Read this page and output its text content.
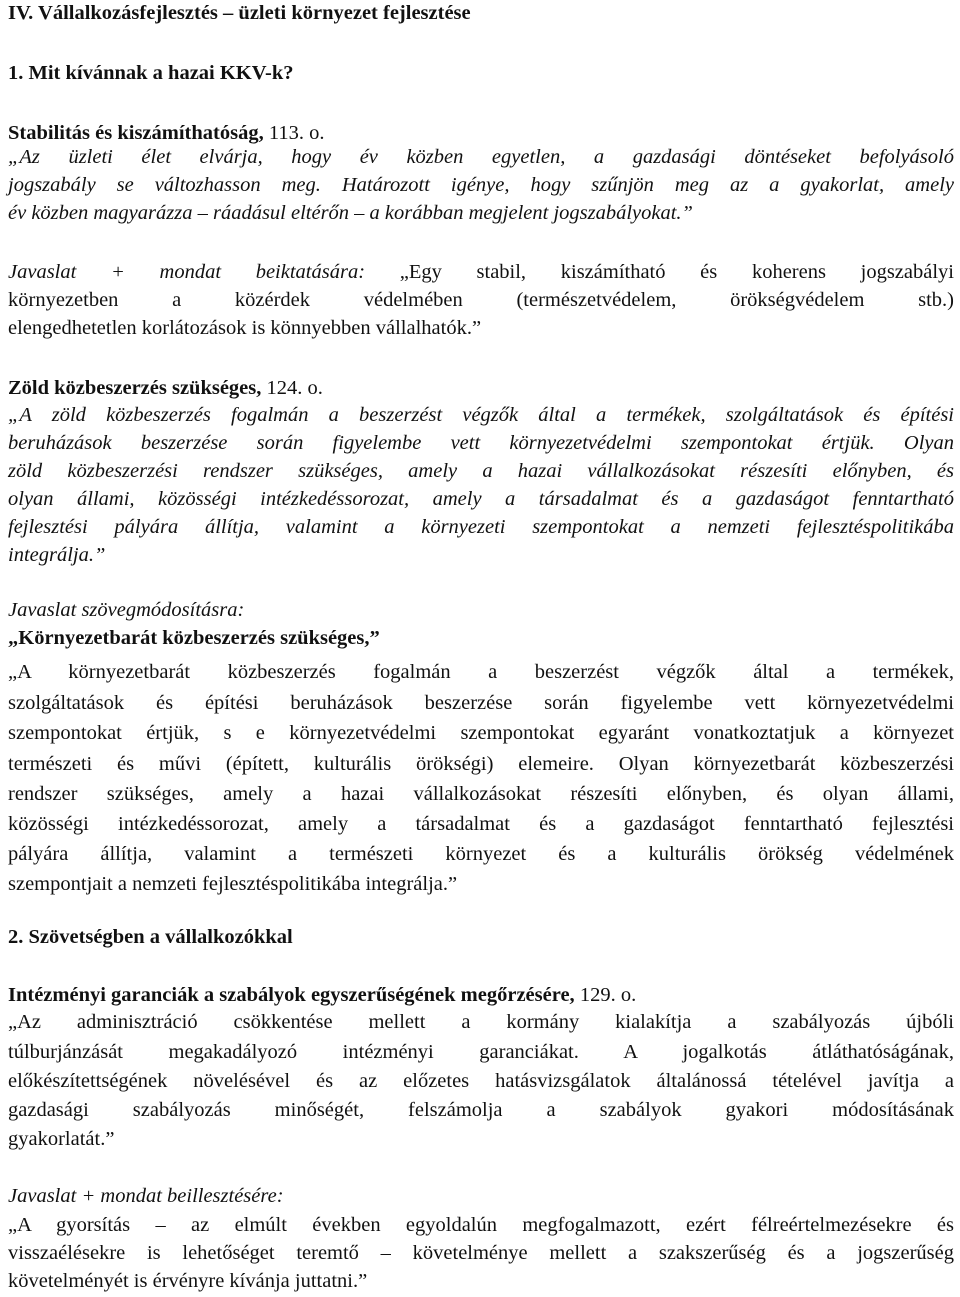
IV. Vállalkozásfejlesztés – üzleti környezet fejlesztése
1. Mit kívánnak a hazai KKV-k?
Stabilitás és kiszámíthatóság, 113. o.
„Az üzleti élet elvárja, hogy év közben egyetlen, a gazdasági döntéseket befolyásoló
jogszabály se változhasson meg. Határozott igénye, hogy szűnjön meg az a gyakorlat, amely
év közben magyarázza – ráadásul eltérőn – a korábban megjelent jogszabályokat.”
Javaslat + mondat beiktatására: „Egy stabil, kiszámítható és koherens jogszabályi
környezetben a közérdek védelmében (természetvédelem, örökségvédelem stb.)
elengedhetetlen korlátozások is könnyebben vállalhatók.”
Zöld közbeszerzés szükséges, 124. o.
„A zöld közbeszerzés fogalmán a beszerzést végzők által a termékek, szolgáltatások és építési
beruházások beszerzése során figyelembe vett környezetvédelmi szempontokat értjük. Olyan
zöld közbeszerzési rendszer szükséges, amely a hazai vállalkozásokat részesíti előnyben, és
olyan állami, közösségi intézkedéssorozat, amely a társadalmat és a gazdaságot fenntartható
fejlesztési pályára állítja, valamint a környezeti szempontokat a nemzeti fejlesztéspolitikába
integrálja.”
Javaslat szövegmódosításra:
„Környezetbarát közbeszerzés szükséges,”
„A környezetbarát közbeszerzés fogalmán a beszerzést végzők által a termékek,
szolgáltatások és építési beruházások beszerzése során figyelembe vett környezetvédelmi
szempontokat értjük, s e környezetvédelmi szempontokat egyaránt vonatkoztatjuk a környezet
természeti és művi (épített, kulturális örökségi) elemeire. Olyan környezetbarát közbeszerzési
rendszer szükséges, amely a hazai vállalkozásokat részesíti előnyben, és olyan állami,
közösségi intézkedéssorozat, amely a társadalmat és a gazdaságot fenntartható fejlesztési
pályára állítja, valamint a természeti környezet és a kulturális örökség védelmének
szempontjait a nemzeti fejlesztéspolitikába integrálja.”
2. Szövetségben a vállalkozókkal
Intézményi garanciák a szabályok egyszerűségének megőrzésére, 129. o.
„Az adminisztráció csökkentése mellett a kormány kialakítja a szabályozás újbóli
túlburjánzását megakadályozó intézményi garanciákat. A jogalkotás átláthatóságának,
előkészítettségének növelésével és az előzetes hatásvizsgálatok általánossá tételével javítja a
gazdasági szabályozás minőségét, felszámolja a szabályok gyakori módosításának
gyakorlatát.”
Javaslat + mondat beillesztésére:
„A gyorsítás – az elmúlt években egyoldalún megfogalmazott, ezért félreértelmezésekre és
visszaélésekre is lehetőséget teremtő – követelménye mellett a szakszerűség és a jogszerűség
követelményét is érvényre kívánja juttatni.”
